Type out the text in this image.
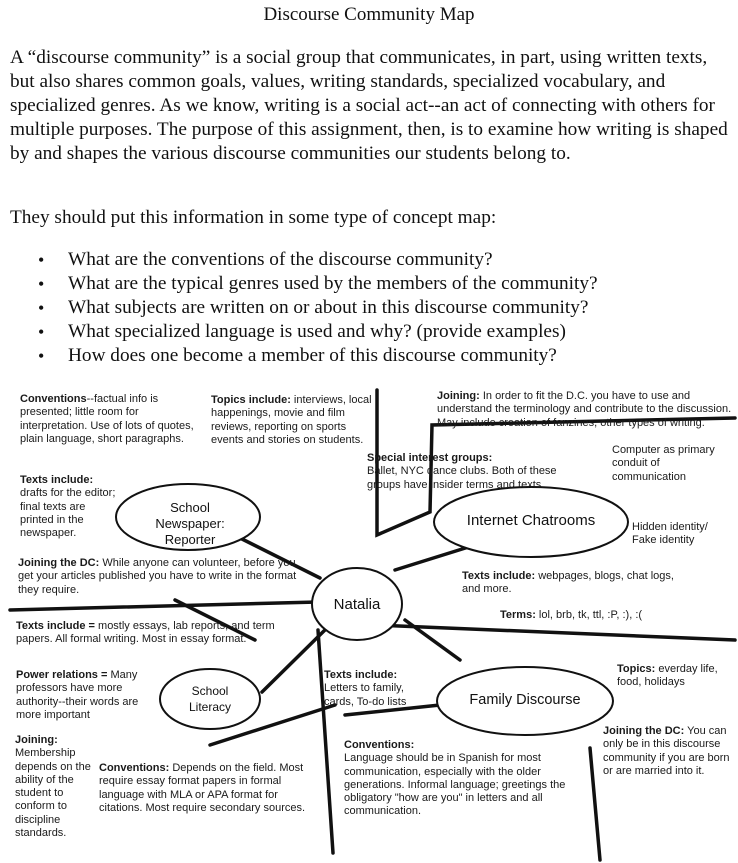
Discourse Community Map

A “discourse community” is a social group that communicates, in part, using written texts, but also shares common goals, values, writing standards, specialized vocabulary, and specialized genres. As we know, writing is a social act--an act of connecting with others for multiple purposes. The purpose of this assignment, then, is to examine how writing is shaped by and shapes the various discourse communities our students belong to.

They should put this information in some type of concept map:

• What are the conventions of the discourse community?
• What are the typical genres used by the members of the community?
• What subjects are written on or about in this discourse community?
• What specialized language is used and why? (provide examples)
• How does one become a member of this discourse community?
Natalia
School Newspaper: Reporter
Internet Chatrooms
School Literacy	Family Discourse

Conventions--factual info is presented; little room for interpretation. Use of lots of quotes, plain language, short paragraphs.

Topics include: interviews, local happenings, movie and film reviews, reporting on sports events and stories on students.

Texts include:
drafts for the editor; final texts are printed in the newspaper.

Joining the DC: While anyone can volunteer, before you get your articles published you have to write in the format they require.

Joining: In order to fit the D.C. you have to use and understand the terminology and contribute to the discussion. May include creation of fanzines, other types of writing.

Special interest groups:
Ballet, NYC dance clubs. Both of these groups have insider terms and texts.

Computer as primary conduit of communication

Hidden identity/ Fake identity

Texts include: webpages, blogs, chat logs, and more.

Terms: lol, brb, tk, ttl, :P, :), :(

Texts include = mostly essays, lab reports, and term papers. All formal writing. Most in essay format.

Power relations = Many professors have more authority--their words are more important

Joining:
Membership depends on the ability of the student to conform to discipline standards.

Conventions: Depends on the field. Most require essay format papers in formal language with MLA or APA format for citations. Most require secondary sources.

Texts include:
Letters to family, cards, To-do lists

Topics: everday life, food, holidays

Joining the DC: You can only be in this discourse community if you are born or are married into it.

Conventions:
Language should be in Spanish for most communication, especially with the older generations. Informal language; greetings the obligatory "how are you" in letters and all communication.
